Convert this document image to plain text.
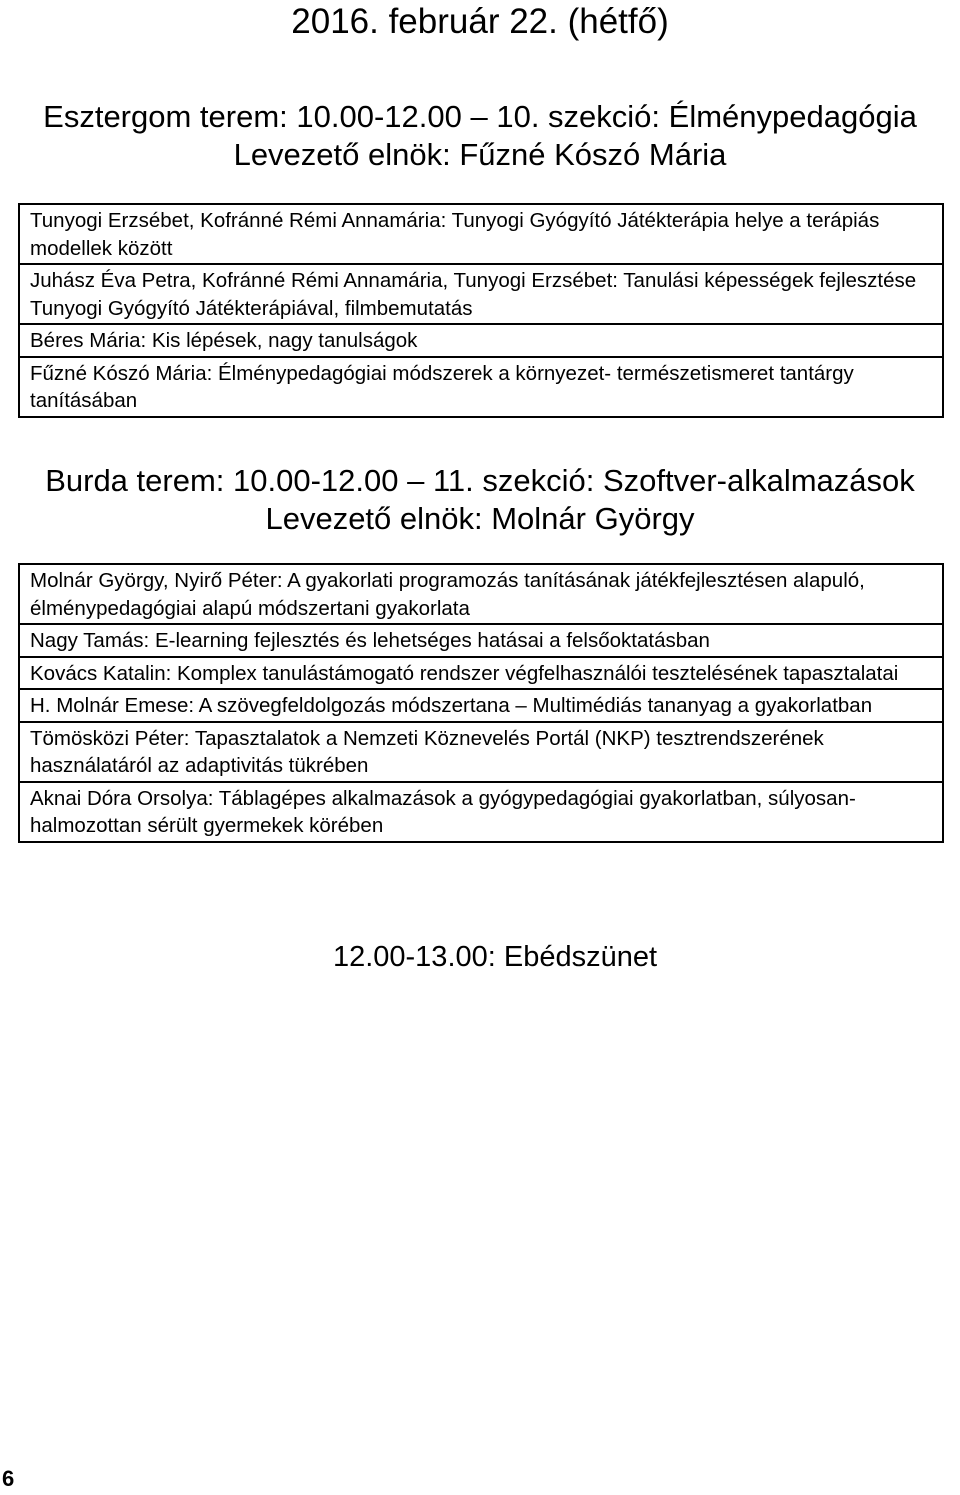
2016. február 22. (hétfő)
Esztergom terem: 10.00-12.00 – 10. szekció: Élménypedagógia
Levezető elnök: Fűzné Kószó Mária
Tunyogi Erzsébet, Kofránné Rémi Annamária: Tunyogi Gyógyító Játékterápia helye a terápiás modellek között
Juhász Éva Petra, Kofránné Rémi Annamária, Tunyogi Erzsébet: Tanulási képességek fejlesztése Tunyogi Gyógyító Játékterápiával, filmbemutatás
Béres Mária: Kis lépések, nagy tanulságok
Fűzné Kószó Mária: Élménypedagógiai módszerek a környezet- természetismeret tantárgy tanításában
Burda terem: 10.00-12.00 – 11. szekció: Szoftver-alkalmazások
Levezető elnök: Molnár György
Molnár György, Nyirő Péter: A gyakorlati programozás tanításának játékfejlesztésen alapuló, élménypedagógiai alapú módszertani gyakorlata
Nagy Tamás: E-learning fejlesztés és lehetséges hatásai a felsőoktatásban
Kovács Katalin: Komplex tanulástámogató rendszer végfelhasználói tesztelésének tapasztalatai
H. Molnár Emese: A szövegfeldolgozás módszertana – Multimédiás tananyag a gyakorlatban
Tömösközi Péter: Tapasztalatok a Nemzeti Köznevelés Portál (NKP) tesztrendszerének használatáról az adaptivitás tükrében
Aknai Dóra Orsolya: Táblagépes alkalmazások a gyógypedagógiai gyakorlatban, súlyosan-halmozottan sérült gyermekek körében
12.00-13.00: Ebédszünet
6
